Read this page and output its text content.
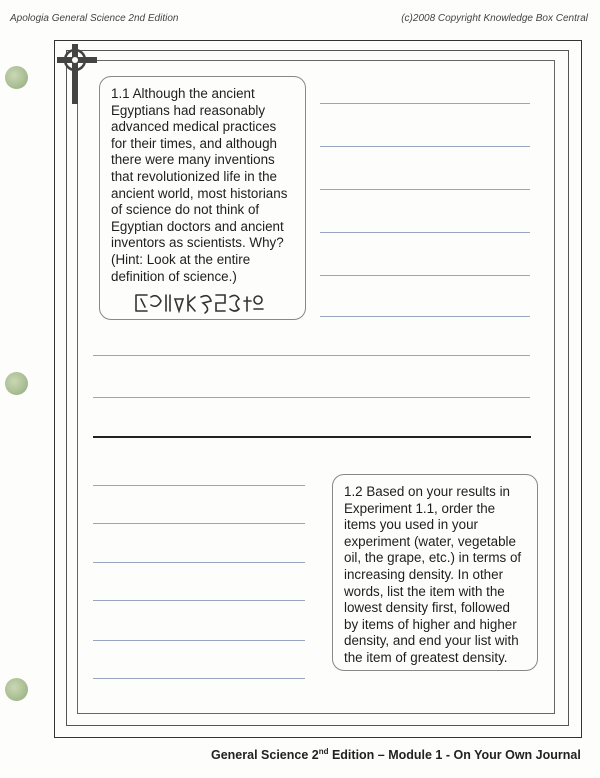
Apologia General Science 2nd Edition	(c)2008 Copyright Knowledge Box Central
1.1 Although the ancient Egyptians had reasonably advanced medical practices for their times, and although there were many inventions that revolutionized life in the ancient world, most historians of science do not think of Egyptian doctors and ancient inventors as scientists. Why? (Hint: Look at the entire definition of science.)
1.2 Based on your results in Experiment 1.1, order the items you used in your experiment (water, vegetable oil, the grape, etc.) in terms of increasing density. In other words, list the item with the lowest density first, followed by items of higher and higher density, and end your list with the item of greatest density.
General Science 2nd Edition – Module 1 - On Your Own Journal
